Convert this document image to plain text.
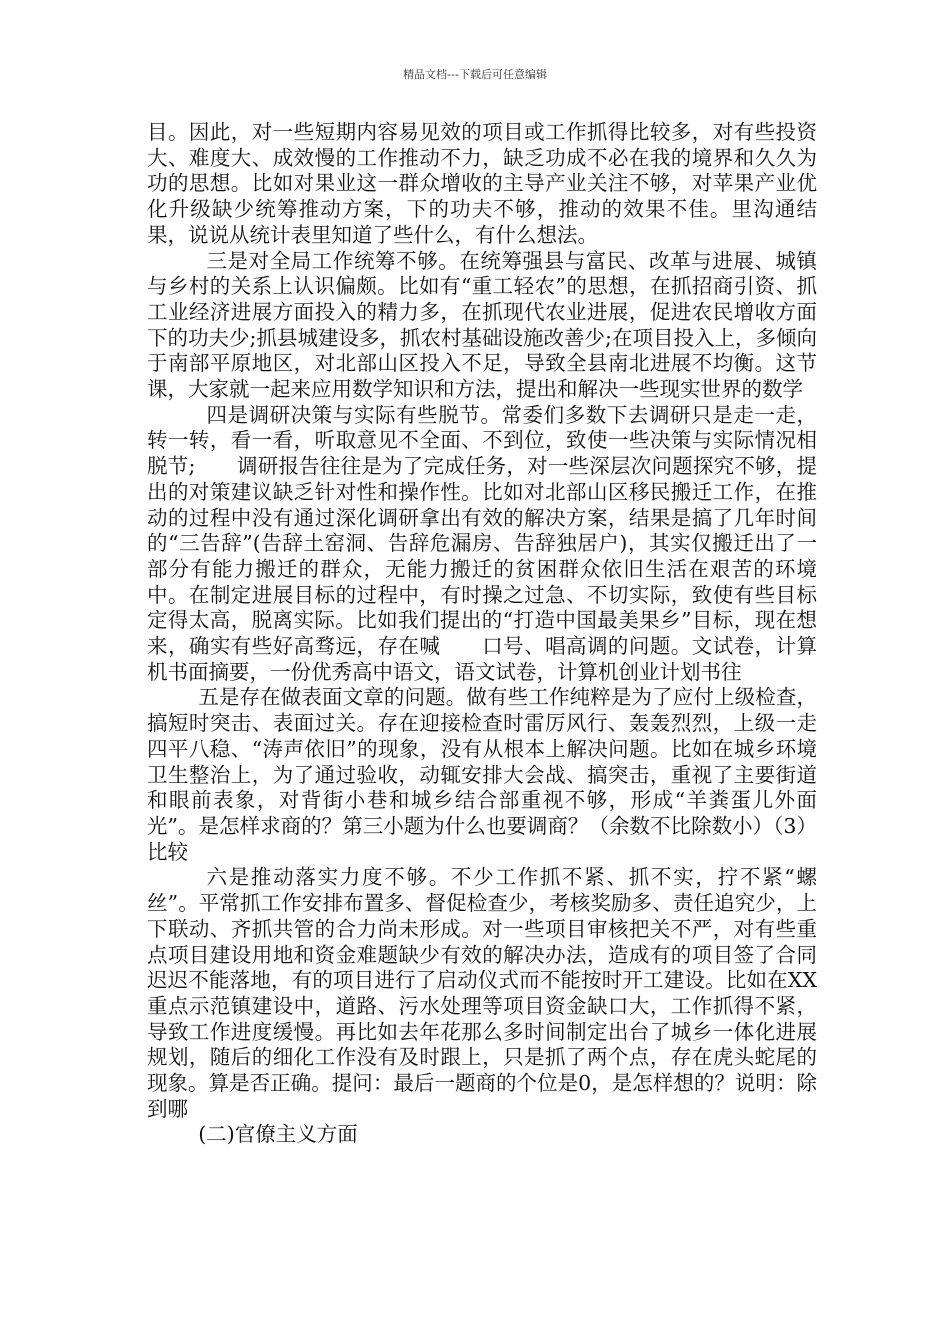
精品文档---下载后可任意编辑

目。因此，对一些短期内容易见效的项目或工作抓得比较多，对有些投资大、难度大、成效慢的工作推动不力，缺乏功成不必在我的境界和久久为功的思想。比如对果业这一群众增收的主导产业关注不够，对苹果产业优化升级缺少统筹推动方案，下的功夫不够，推动的效果不佳。里沟通结果，说说从统计表里知道了些什么，有什么想法。

三是对全局工作统筹不够。在统筹强县与富民、改革与进展、城镇与乡村的关系上认识偏颇。比如有“重工轻农”的思想，在抓招商引资、抓工业经济进展方面投入的精力多，在抓现代农业进展，促进农民增收方面下的功夫少;抓县城建设多，抓农村基础设施改善少;在项目投入上，多倾向于南部平原地区，对北部山区投入不足，导致全县南北进展不均衡。这节课，大家就一起来应用数学知识和方法，提出和解决一些现实世界的数学

四是调研决策与实际有些脱节。常委们多数下去调研只是走一走，转一转，看一看，听取意见不全面、不到位，致使一些决策与实际情况相脱节;　　调研报告往往是为了完成任务，对一些深层次问题探究不够，提出的对策建议缺乏针对性和操作性。比如对北部山区移民搬迁工作，在推动的过程中没有通过深化调研拿出有效的解决方案，结果是搞了几年时间的“三告辞”(告辞土窑洞、告辞危漏房、告辞独居户)，其实仅搬迁出了一部分有能力搬迁的群众，无能力搬迁的贫困群众依旧生活在艰苦的环境中。在制定进展目标的过程中，有时操之过急、不切实际，致使有些目标定得太高，脱离实际。比如我们提出的“打造中国最美果乡”目标，现在想来，确实有些好高骛远，存在喊　　口号、唱高调的问题。文试卷，计算机书面摘要，一份优秀高中语文，语文试卷，计算机创业计划书往

五是存在做表面文章的问题。做有些工作纯粹是为了应付上级检查，搞短时突击、表面过关。存在迎接检查时雷厉风行、轰轰烈烈，上级一走四平八稳、“涛声依旧”的现象，没有从根本上解决问题。比如在城乡环境卫生整治上，为了通过验收，动辄安排大会战、搞突击，重视了主要街道和眼前表象，对背街小巷和城乡结合部重视不够，形成“羊粪蛋儿外面光”。是怎样求商的？第三小题为什么也要调商？（余数不比除数小）（3）比较

六是推动落实力度不够。不少工作抓不紧、抓不实，拧不紧“螺丝”。平常抓工作安排布置多、督促检查少，考核奖励多、责任追究少，上下联动、齐抓共管的合力尚未形成。对一些项目审核把关不严，对有些重点项目建设用地和资金难题缺少有效的解决办法，造成有的项目签了合同迟迟不能落地，有的项目进行了启动仪式而不能按时开工建设。比如在XX重点示范镇建设中，道路、污水处理等项目资金缺口大，工作抓得不紧，导致工作进度缓慢。再比如去年花那么多时间制定出台了城乡一体化进展规划，随后的细化工作没有及时跟上，只是抓了两个点，存在虎头蛇尾的现象。算是否正确。提问：最后一题商的个位是0，是怎样想的？说明：除到哪

(二)官僚主义方面
